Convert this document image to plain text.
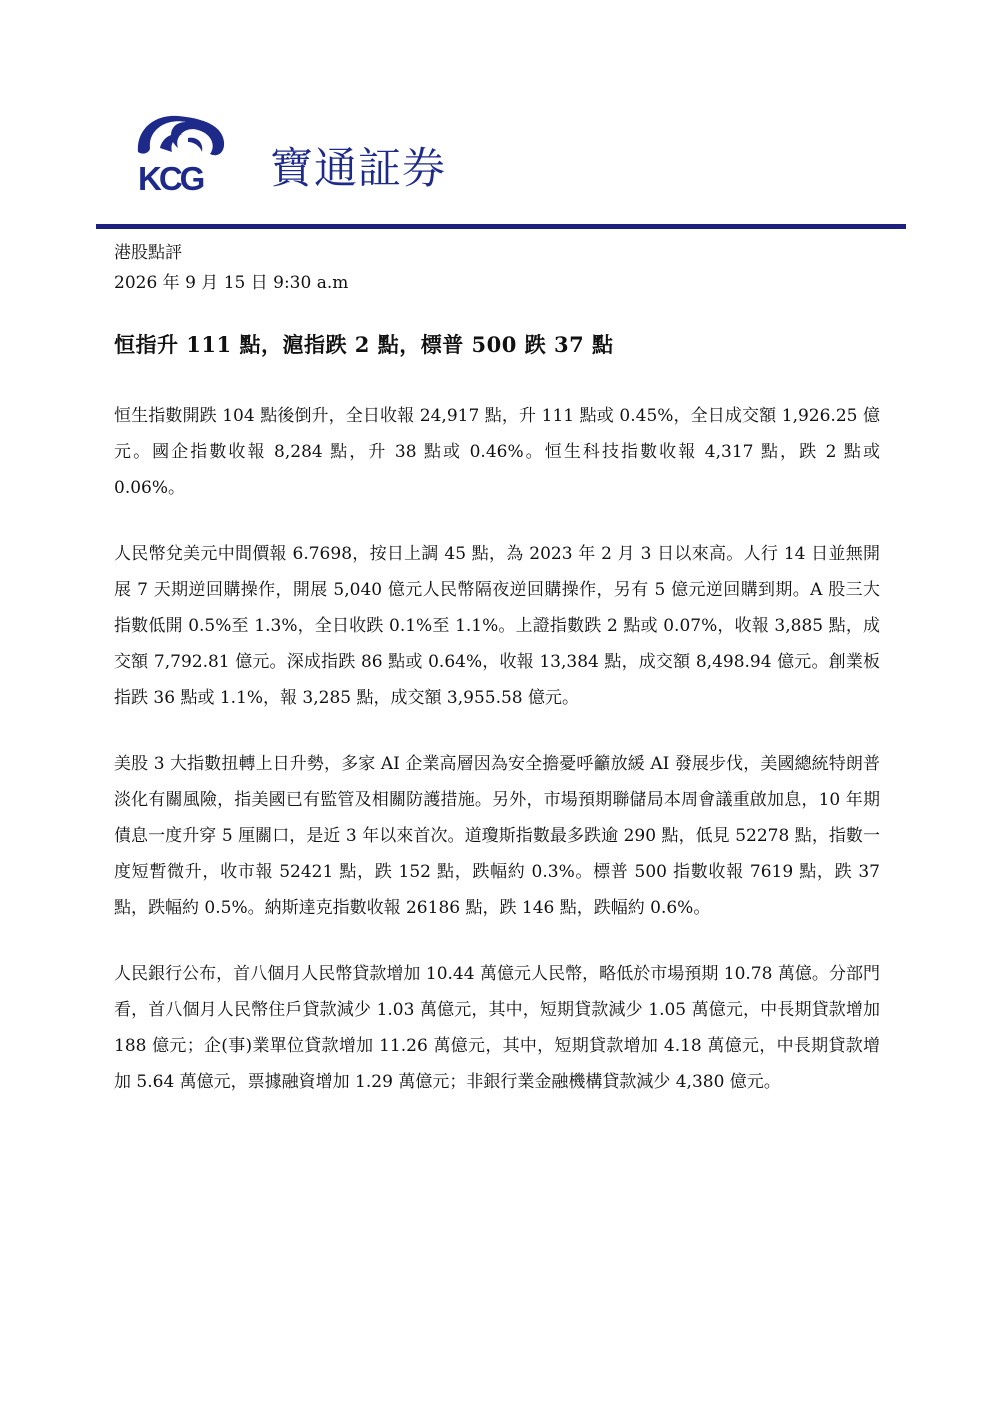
KCG 寶通証券
港股點評
2026 年 9 月 15 日 9:30 a.m
恒指升 111 點，滬指跌 2 點，標普 500 跌 37 點

恒生指數開跌 104 點後倒升，全日收報 24,917 點，升 111 點或 0.45%，全日成交額 1,926.25 億元。國企指數收報 8,284 點，升 38 點或 0.46%。恒生科技指數收報 4,317 點，跌 2 點或 0.06%。

人民幣兌美元中間價報 6.7698，按日上調 45 點，為 2023 年 2 月 3 日以來高。人行 14 日並無開展 7 天期逆回購操作，開展 5,040 億元人民幣隔夜逆回購操作，另有 5 億元逆回購到期。A 股三大指數低開 0.5%至 1.3%，全日收跌 0.1%至 1.1%。上證指數跌 2 點或 0.07%，收報 3,885 點，成交額 7,792.81 億元。深成指跌 86 點或 0.64%，收報 13,384 點，成交額 8,498.94 億元。創業板指跌 36 點或 1.1%，報 3,285 點，成交額 3,955.58 億元。

美股 3 大指數扭轉上日升勢，多家 AI 企業高層因為安全擔憂呼籲放緩 AI 發展步伐，美國總統特朗普淡化有關風險，指美國已有監管及相關防護措施。另外，市場預期聯儲局本周會議重啟加息，10 年期債息一度升穿 5 厘關口，是近 3 年以來首次。道瓊斯指數最多跌逾 290 點，低見 52278 點，指數一度短暫微升，收市報 52421 點，跌 152 點，跌幅約 0.3%。標普 500 指數收報 7619 點，跌 37 點，跌幅約 0.5%。納斯達克指數收報 26186 點，跌 146 點，跌幅約 0.6%。

人民銀行公布，首八個月人民幣貸款增加 10.44 萬億元人民幣，略低於市場預期 10.78 萬億。分部門看，首八個月人民幣住戶貸款減少 1.03 萬億元，其中，短期貸款減少 1.05 萬億元，中長期貸款增加 188 億元；企(事)業單位貸款增加 11.26 萬億元，其中，短期貸款增加 4.18 萬億元，中長期貸款增加 5.64 萬億元，票據融資增加 1.29 萬億元；非銀行業金融機構貸款減少 4,380 億元。
